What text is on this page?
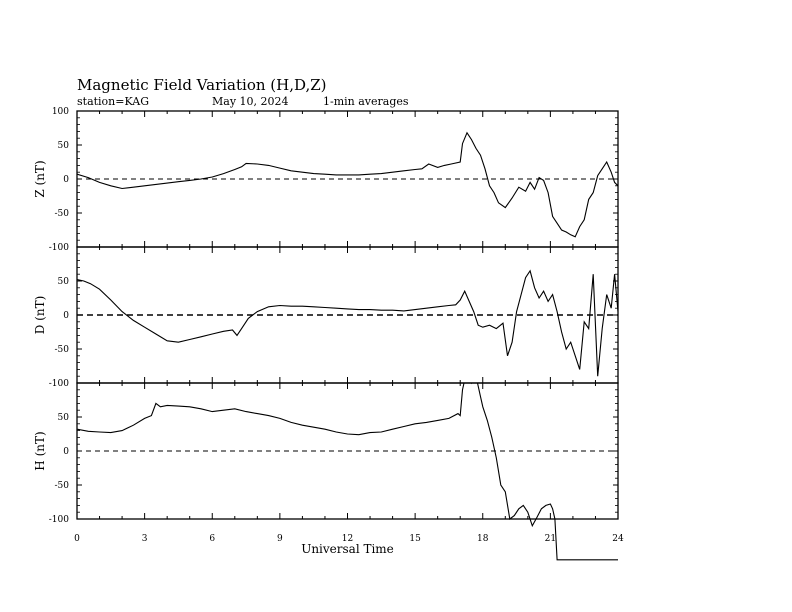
100
50
0
-50
-100
Z (nT)
50
0
-50
-100
D (nT)
50
0
-50
-100
H (nT)
0	3	6	9	12	15	18	21	24
Universal Time
Magnetic Field Variation (H,D,Z)
station=KAG	May 10, 2024	1-min averages
